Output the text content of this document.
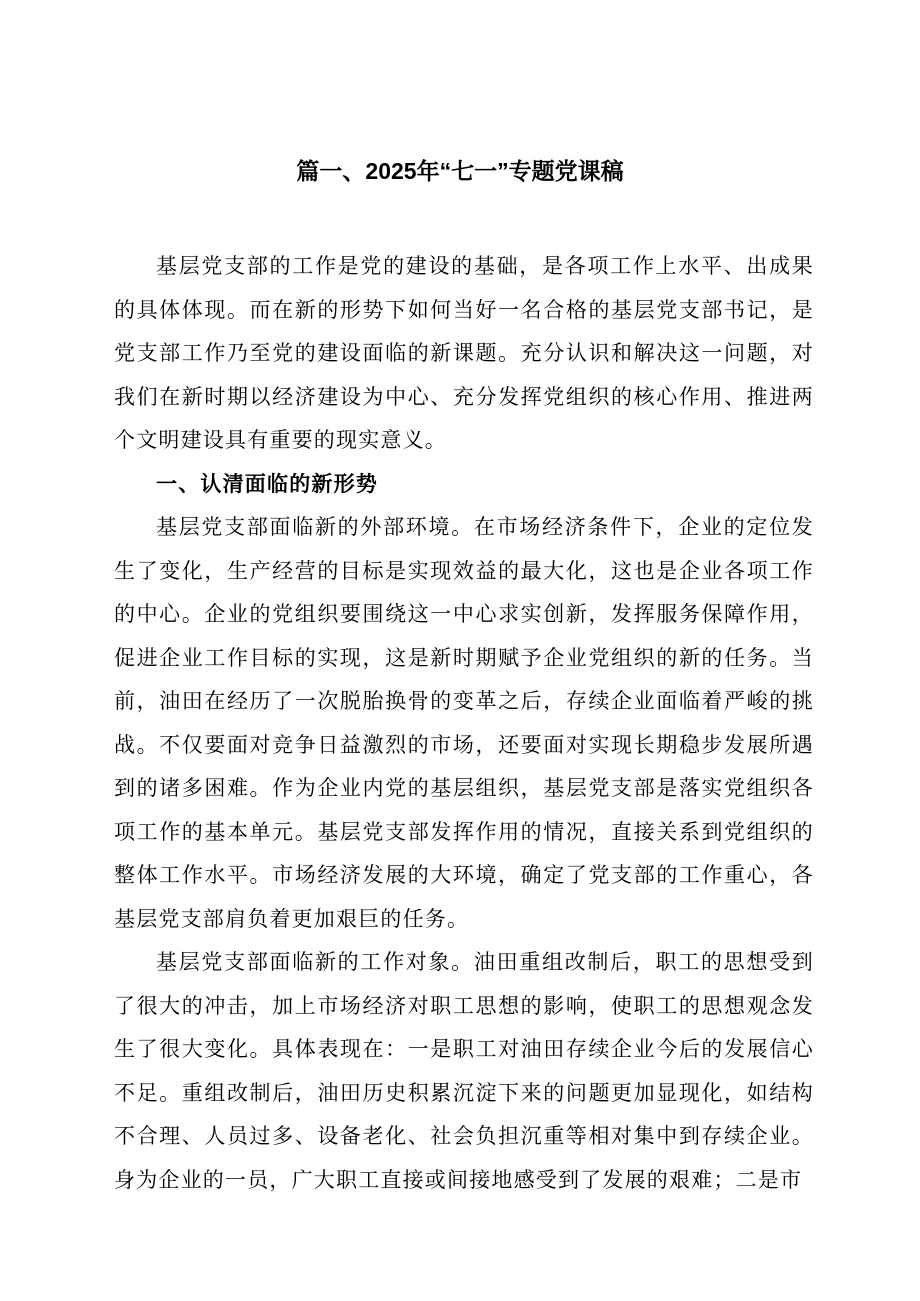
篇一、2025年“七一”专题党课稿

基层党支部的工作是党的建设的基础，是各项工作上水平、出成果的具体体现。而在新的形势下如何当好一名合格的基层党支部书记，是党支部工作乃至党的建设面临的新课题。充分认识和解决这一问题，对我们在新时期以经济建设为中心、充分发挥党组织的核心作用、推进两个文明建设具有重要的现实意义。

一、认清面临的新形势

基层党支部面临新的外部环境。在市场经济条件下，企业的定位发生了变化，生产经营的目标是实现效益的最大化，这也是企业各项工作的中心。企业的党组织要围绕这一中心求实创新，发挥服务保障作用，促进企业工作目标的实现，这是新时期赋予企业党组织的新的任务。当前，油田在经历了一次脱胎换骨的变革之后，存续企业面临着严峻的挑战。不仅要面对竞争日益激烈的市场，还要面对实现长期稳步发展所遇到的诸多困难。作为企业内党的基层组织，基层党支部是落实党组织各项工作的基本单元。基层党支部发挥作用的情况，直接关系到党组织的整体工作水平。市场经济发展的大环境，确定了党支部的工作重心，各基层党支部肩负着更加艰巨的任务。

基层党支部面临新的工作对象。油田重组改制后，职工的思想受到了很大的冲击，加上市场经济对职工思想的影响，使职工的思想观念发生了很大变化。具体表现在：一是职工对油田存续企业今后的发展信心不足。重组改制后，油田历史积累沉淀下来的问题更加显现化，如结构不合理、人员过多、设备老化、社会负担沉重等相对集中到存续企业。身为企业的一员，广大职工直接或间接地感受到了发展的艰难；二是市
